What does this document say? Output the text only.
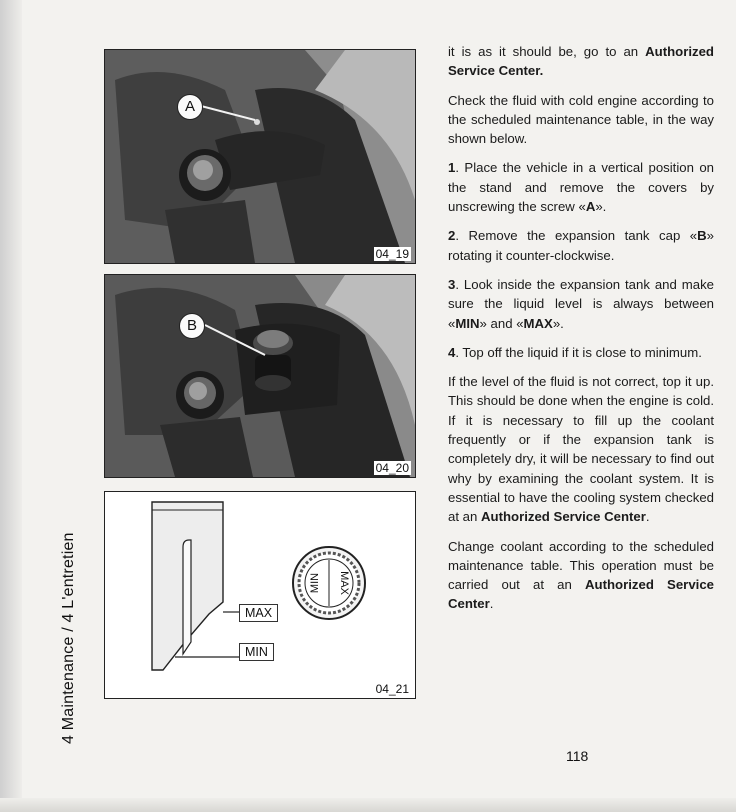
4 Maintenance / 4 L'entretien
A
04_19
B
04_20
MIN MAX
MAX
MIN
04_21

it is as it should be, go to an Authorized Service Center.

Check the fluid with cold engine according to the scheduled maintenance table, in the way shown below.

1. Place the vehicle in a vertical position on the stand and remove the covers by unscrewing the screw «A».

2. Remove the expansion tank cap «B» rotating it counter-clockwise.

3. Look inside the expansion tank and make sure the liquid level is always between «MIN» and «MAX».

4. Top off the liquid if it is close to minimum.

If the level of the fluid is not correct, top it up. This should be done when the engine is cold. If it is necessary to fill up the coolant frequently or if the expansion tank is completely dry, it will be necessary to find out why by examining the coolant system. It is essential to have the cooling system checked at an Authorized Service Center.

Change coolant according to the scheduled maintenance table. This operation must be carried out at an Authorized Service Center.

118
